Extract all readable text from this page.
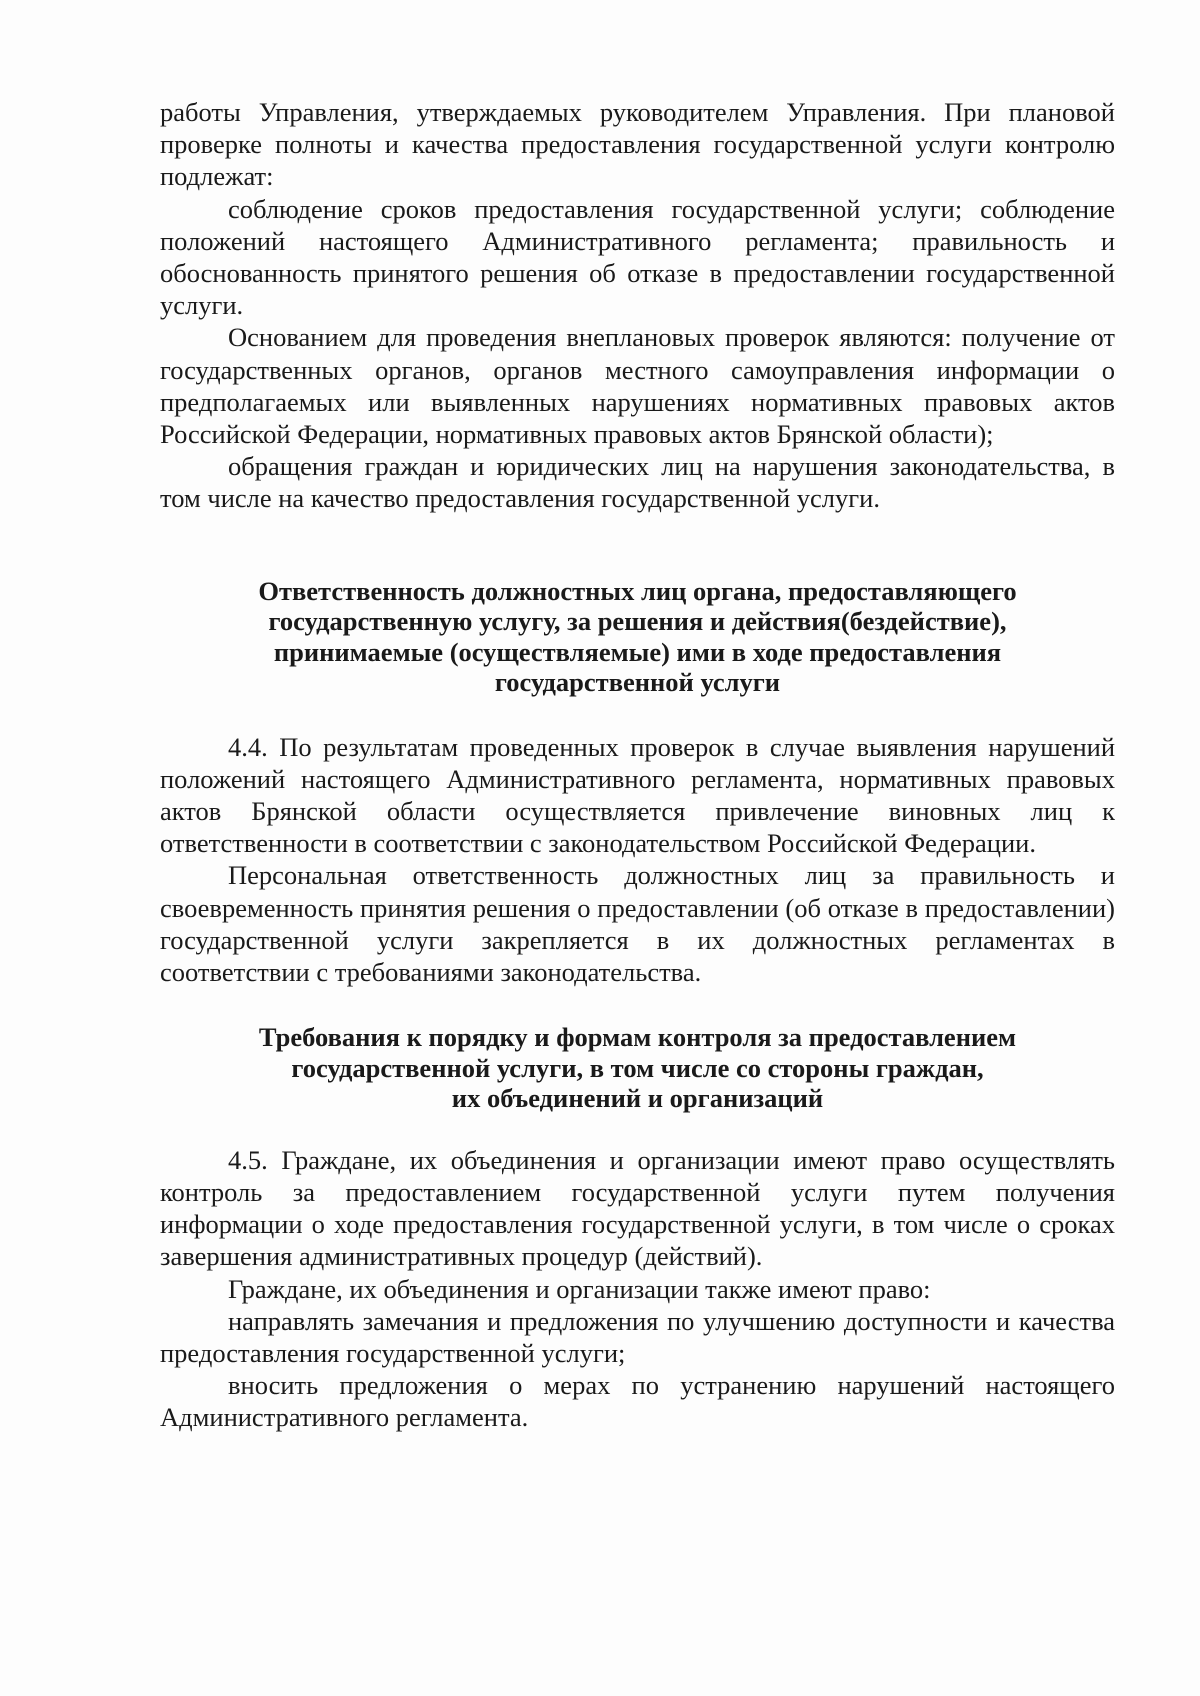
работы Управления, утверждаемых руководителем Управления. При плановой проверке полноты и качества предоставления государственной услуги контролю подлежат:

соблюдение сроков предоставления государственной услуги; соблюдение положений настоящего Административного регламента; правильность и обоснованность принятого решения об отказе в предоставлении государственной услуги.

Основанием для проведения внеплановых проверок являются: получение от государственных органов, органов местного самоуправления информации о предполагаемых или выявленных нарушениях нормативных правовых актов Российской Федерации, нормативных правовых актов Брянской области);

обращения граждан и юридических лиц на нарушения законодательства, в том числе на качество предоставления государственной услуги.

Ответственность должностных лиц органа, предоставляющего
государственную услугу, за решения и действия(бездействие),
принимаемые (осуществляемые) ими в ходе предоставления
государственной услуги

4.4. По результатам проведенных проверок в случае выявления нарушений положений настоящего Административного регламента, нормативных правовых актов Брянской области осуществляется привлечение виновных лиц к ответственности в соответствии с законодательством Российской Федерации.

Персональная ответственность должностных лиц за правильность и своевременность принятия решения о предоставлении (об отказе в предоставлении) государственной услуги закрепляется в их должностных регламентах в соответствии с требованиями законодательства.

Требования к порядку и формам контроля за предоставлением
государственной услуги, в том числе со стороны граждан,
их объединений и организаций

4.5. Граждане, их объединения и организации имеют право осуществлять контроль за предоставлением государственной услуги путем получения информации о ходе предоставления государственной услуги, в том числе о сроках завершения административных процедур (действий).

Граждане, их объединения и организации также имеют право:

направлять замечания и предложения по улучшению доступности и качества предоставления государственной услуги;

вносить предложения о мерах по устранению нарушений настоящего Административного регламента.
